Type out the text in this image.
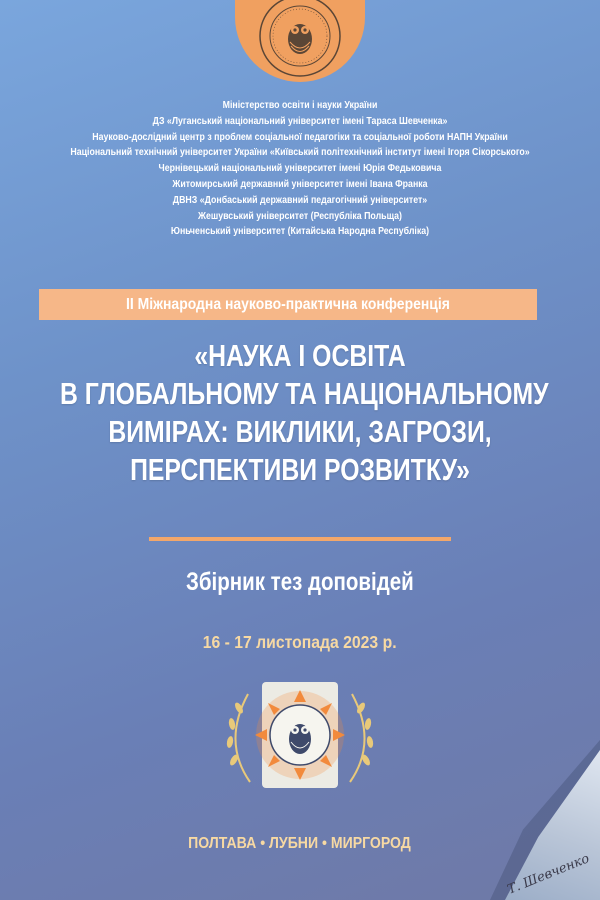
Міністерство освіти і науки України
ДЗ «Луганський національний університет імені Тараса Шевченка»
Науково-дослідний центр з проблем соціальної педагогіки та соціальної роботи НАПН України
Національний технічний університет України «Київський політехнічний інститут імені Ігоря Сікорського»
Чернівецький національний університет імені Юрія Федьковича
Житомирський державний університет імені Івана Франка
ДВНЗ «Донбаський державний педагогічний університет»
Жешувський університет (Республіка Польща)
Юньченський університет (Китайська Народна Республіка)
ІІ Міжнародна науково-практична конференція
«НАУКА І ОСВІТА
В ГЛОБАЛЬНОМУ ТА НАЦІОНАЛЬНОМУ
ВИМІРАХ: ВИКЛИКИ, ЗАГРОЗИ,
ПЕРСПЕКТИВИ РОЗВИТКУ»
Збірник тез доповідей
16 - 17 листопада 2023 р.
ПОЛТАВА • ЛУБНИ • МИРГОРОД
Т. Шевченко
